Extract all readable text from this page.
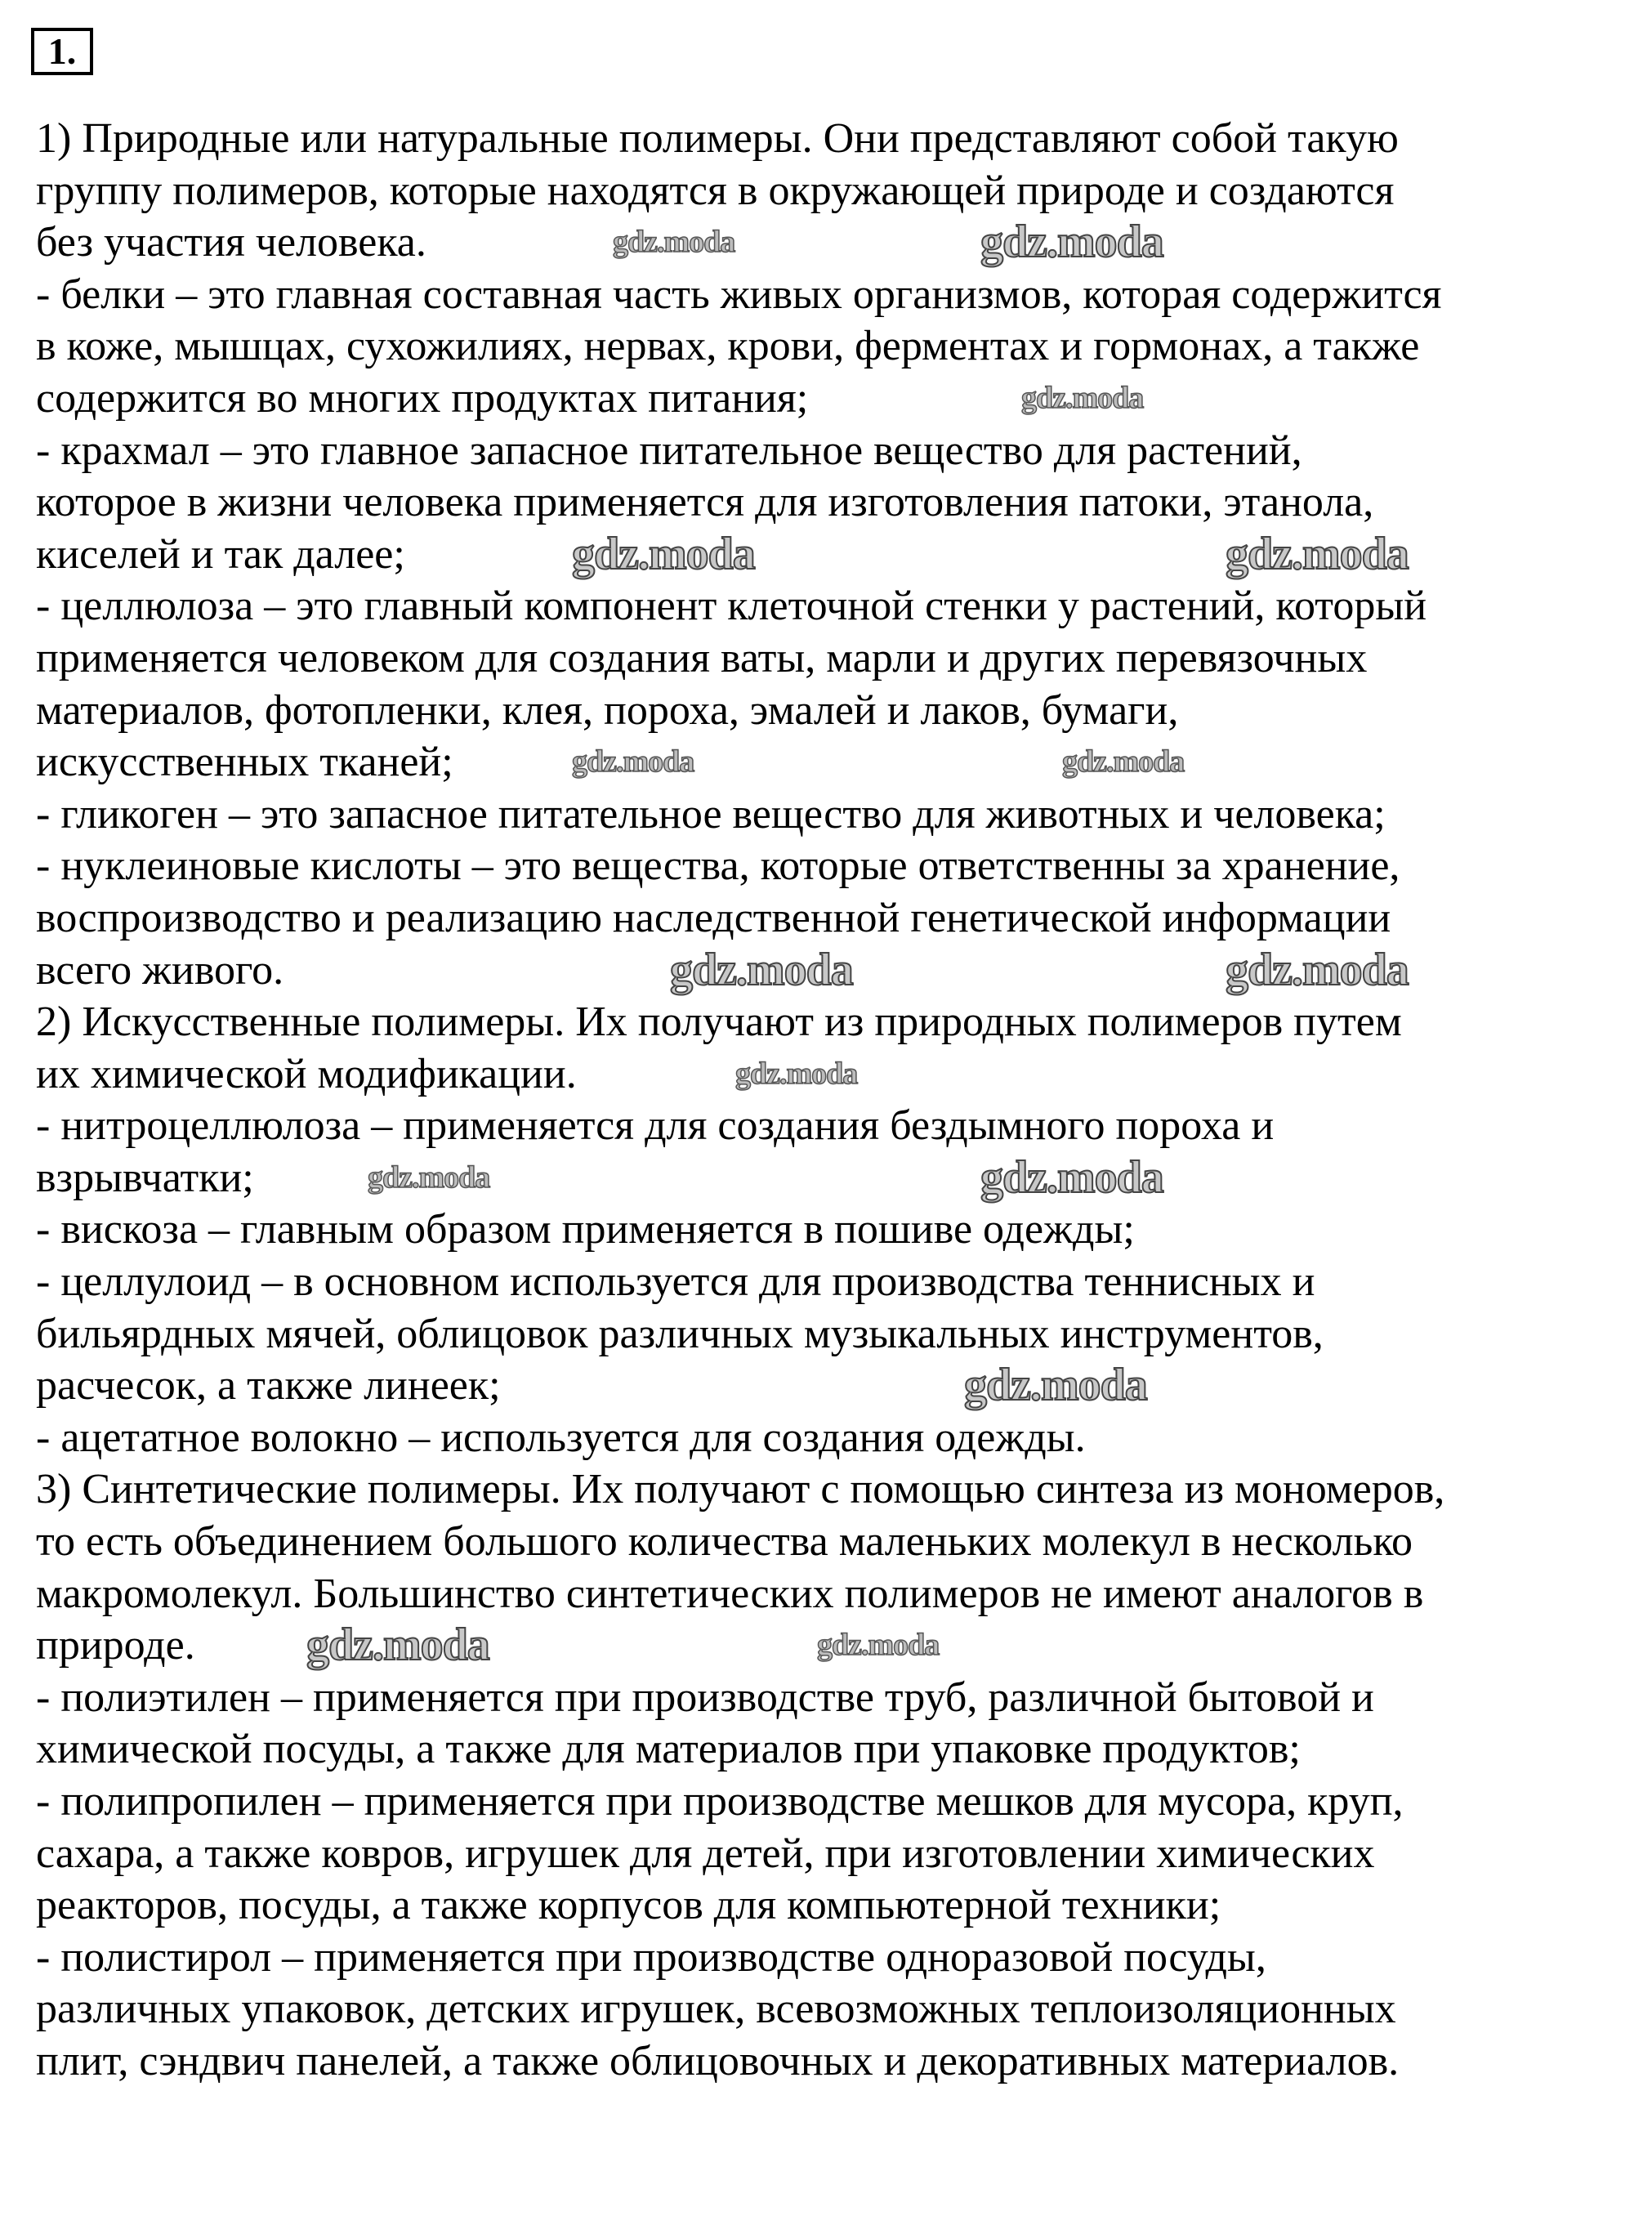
1.
1) Природные или натуральные полимеры. Они представляют собой такую
группу полимеров, которые находятся в окружающей природе и создаются
без участия человека.
- белки – это главная составная часть живых организмов, которая содержится
в коже, мышцах, сухожилиях, нервах, крови, ферментах и гормонах, а также
содержится во многих продуктах питания;
- крахмал – это главное запасное питательное вещество для растений,
которое в жизни человека применяется для изготовления патоки, этанола,
киселей и так далее;
- целлюлоза – это главный компонент клеточной стенки у растений, который
применяется человеком для создания ваты, марли и других перевязочных
материалов, фотопленки, клея, пороха, эмалей и лаков, бумаги,
искусственных тканей;
- гликоген – это запасное питательное вещество для животных и человека;
- нуклеиновые кислоты – это вещества, которые ответственны за хранение,
воспроизводство и реализацию наследственной генетической информации
всего живого.
2) Искусственные полимеры. Их получают из природных полимеров путем
их химической модификации.
- нитроцеллюлоза – применяется для создания бездымного пороха и
взрывчатки;
- вискоза – главным образом применяется в пошиве одежды;
- целлулоид – в основном используется для производства теннисных и
бильярдных мячей, облицовок различных музыкальных инструментов,
расчесок, а также линеек;
- ацетатное волокно – используется для создания одежды.
3) Синтетические полимеры. Их получают с помощью синтеза из мономеров,
то есть объединением большого количества маленьких молекул в несколько
макромолекул. Большинство синтетических полимеров не имеют аналогов в
природе.
- полиэтилен – применяется при производстве труб, различной бытовой и
химической посуды, а также для материалов при упаковке продуктов;
- полипропилен – применяется при производстве мешков для мусора, круп,
сахара, а также ковров, игрушек для детей, при изготовлении химических
реакторов, посуды, а также корпусов для компьютерной техники;
- полистирол – применяется при производстве одноразовой посуды,
различных упаковок, детских игрушек, всевозможных теплоизоляционных
плит, сэндвич панелей, а также облицовочных и декоративных материалов.
gdz.moda	gdz.moda
gdz.moda
gdz.moda	gdz.moda
gdz.moda	gdz.moda
gdz.moda	gdz.moda
gdz.moda
gdz.moda	gdz.moda
gdz.moda
gdz.moda	gdz.moda
